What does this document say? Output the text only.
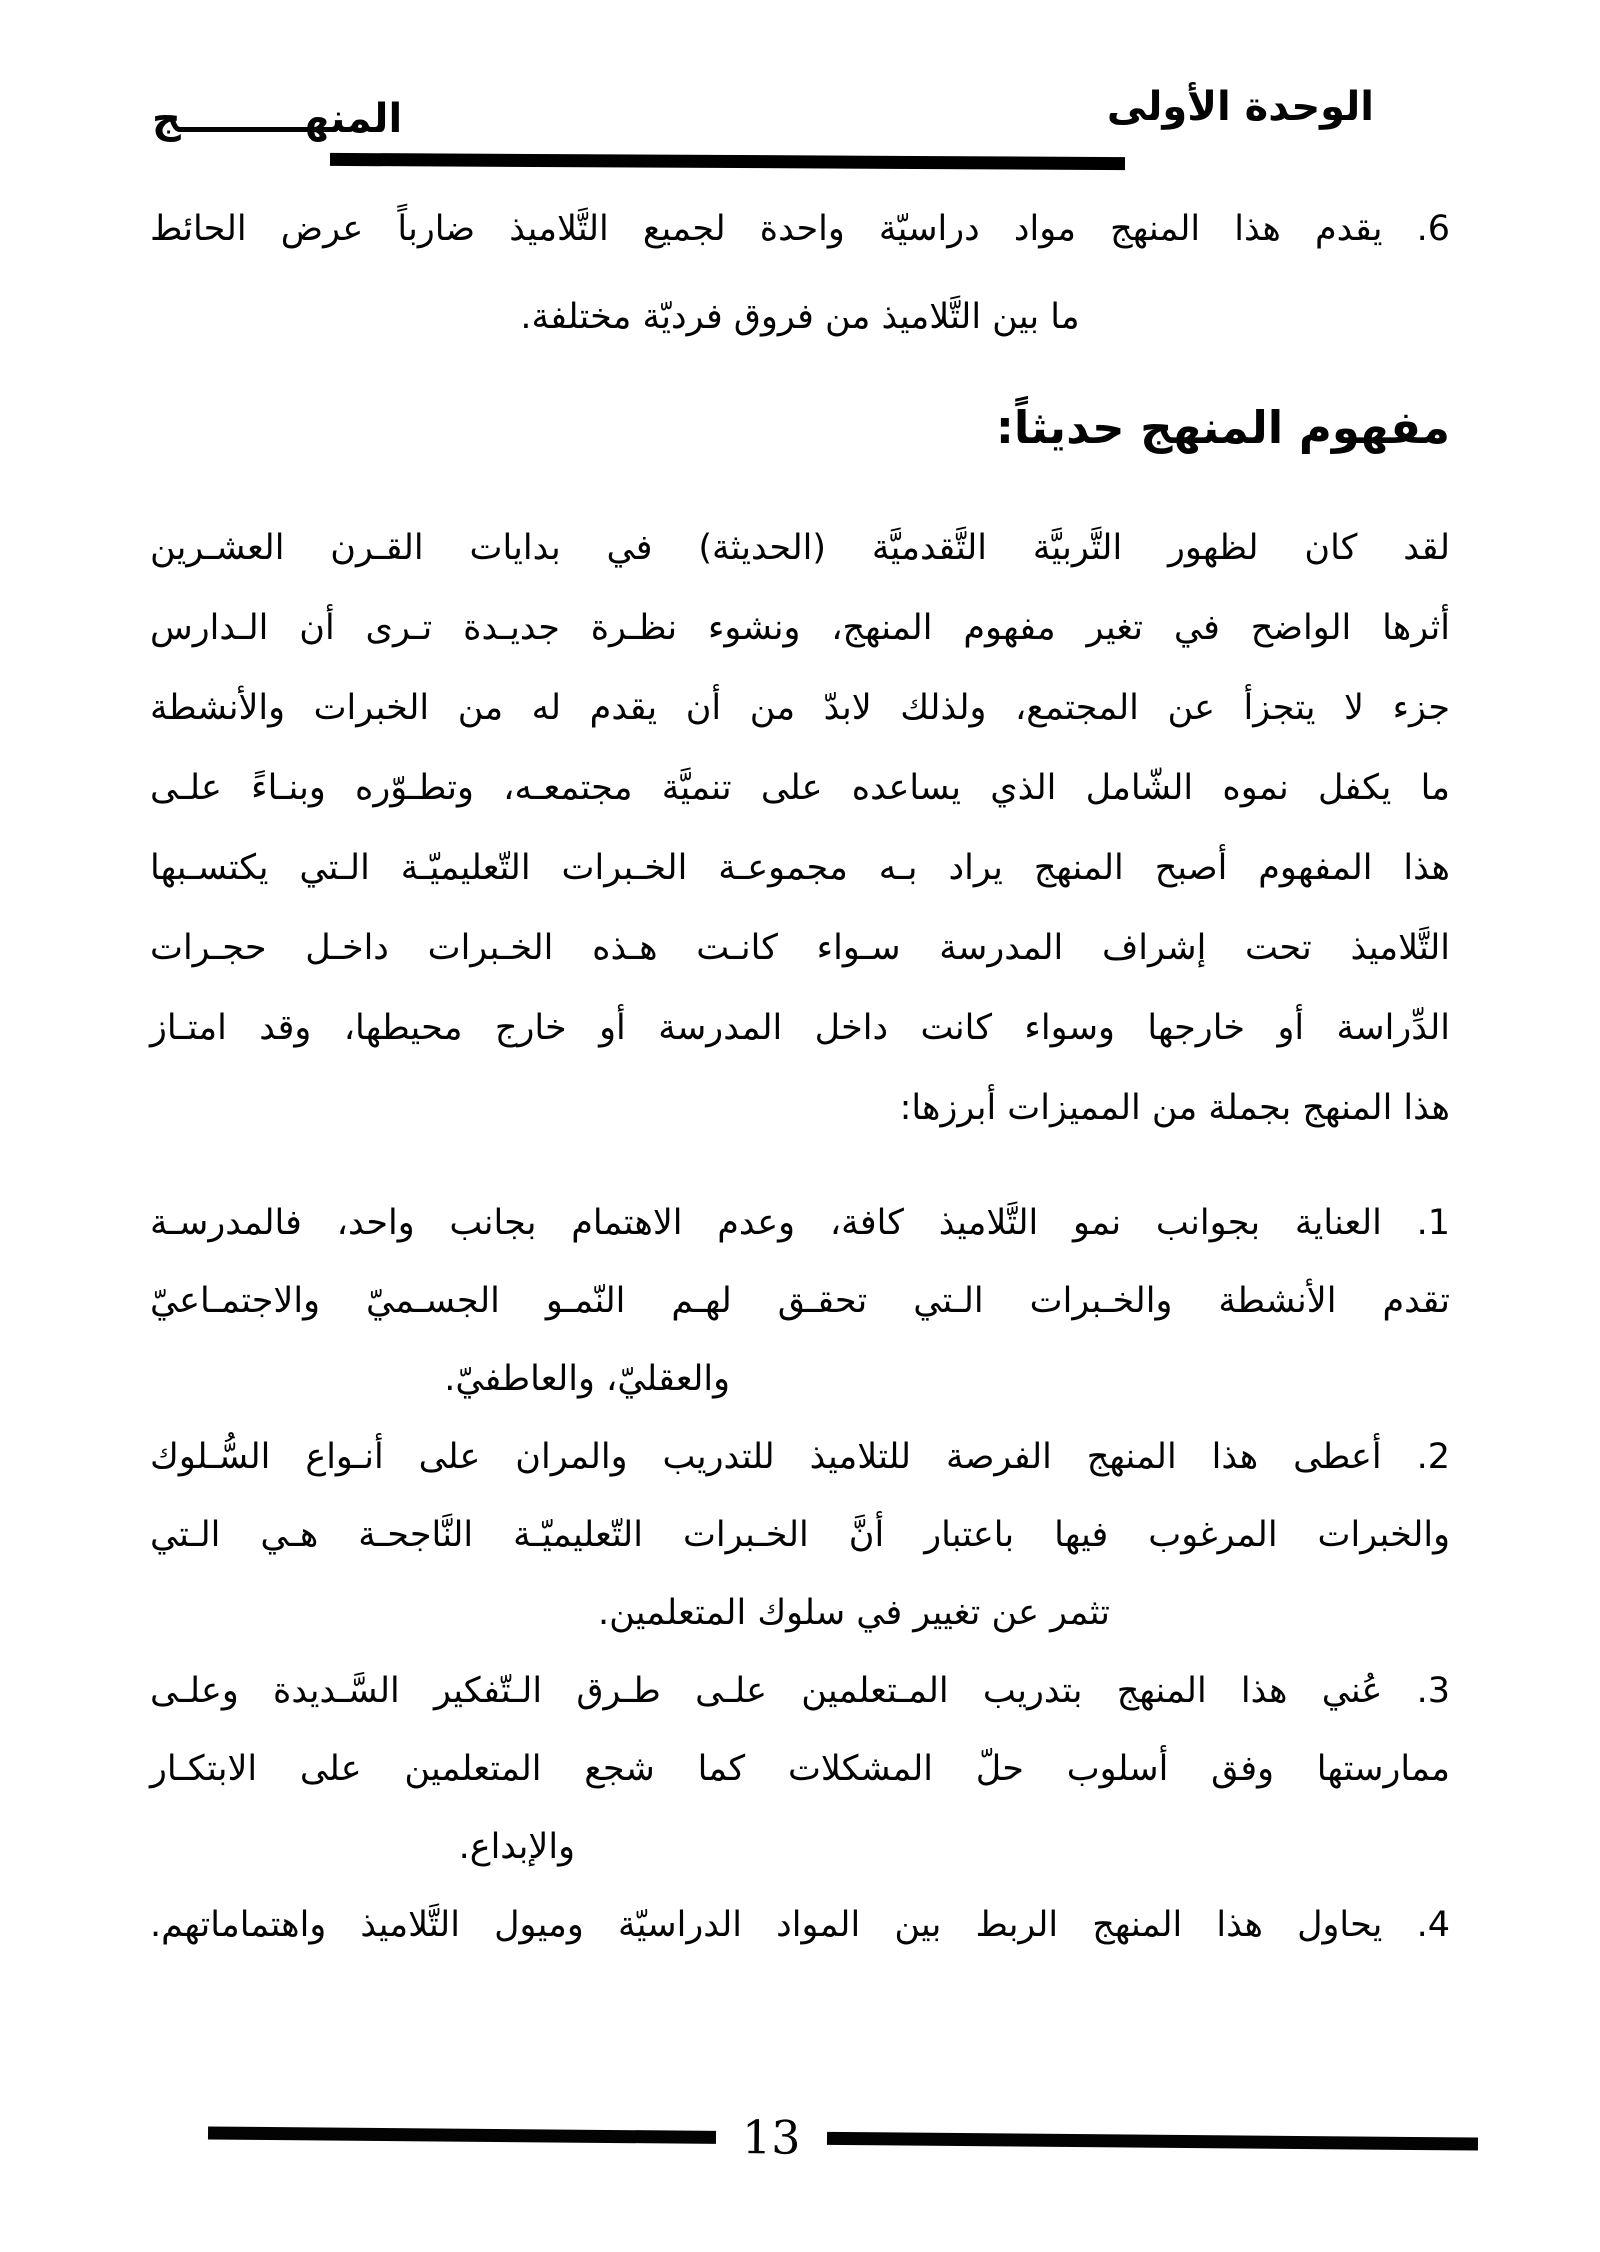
الوحدة الأولى
المنهـــــــــج
6. يقدم هذا المنهج مواد دراسيّة واحدة لجميع التَّلاميذ ضارباً عرض الحائط
ما بين التَّلاميذ من فروق فرديّة مختلفة.
مفهوم المنهج حديثاً:
لقد كان لظهور التَّربيَّة التَّقدميَّة (الحديثة) في بدايات القـرن العشـرين
أثرها الواضح في تغير مفهوم المنهج، ونشوء نظـرة جديـدة تـرى أن الـدارس
جزء لا يتجزأ عن المجتمع، ولذلك لابدّ من أن يقدم له من الخبرات والأنشطة
ما يكفل نموه الشّامل الذي يساعده على تنميَّة مجتمعـه، وتطـوّره وبنـاءً علـى
هذا المفهوم أصبح المنهج يراد بـه مجموعـة الخـبرات التّعليميّـة الـتي يكتسـبها
التَّلاميذ تحت إشراف المدرسة سـواء كانـت هـذه الخـبرات داخـل حجـرات
الدِّراسة أو خارجها وسواء كانت داخل المدرسة أو خارج محيطها، وقد امتـاز
هذا المنهج بجملة من المميزات أبرزها:
1. العناية بجوانب نمو التَّلاميذ كافة، وعدم الاهتمام بجانب واحد، فالمدرسـة
تقدم الأنشطة والخـبرات الـتي تحقـق لهـم النّمـو الجسـميّ والاجتمـاعيّ
والعقليّ، والعاطفيّ.
2. أعطى هذا المنهج الفرصة للتلاميذ للتدريب والمران على أنـواع السُّـلوك
والخبرات المرغوب فيها باعتبار أنَّ الخـبرات التّعليميّـة النَّاجحـة هـي الـتي
تثمر عن تغيير في سلوك المتعلمين.
3. عُني هذا المنهج بتدريب المـتعلمين علـى طـرق الـتّفكير السَّـديدة وعلـى
ممارستها وفق أسلوب حلّ المشكلات كما شجع المتعلمين على الابتكـار
والإبداع.
4. يحاول هذا المنهج الربط بين المواد الدراسيّة وميول التَّلاميذ واهتماماتهم.
13
